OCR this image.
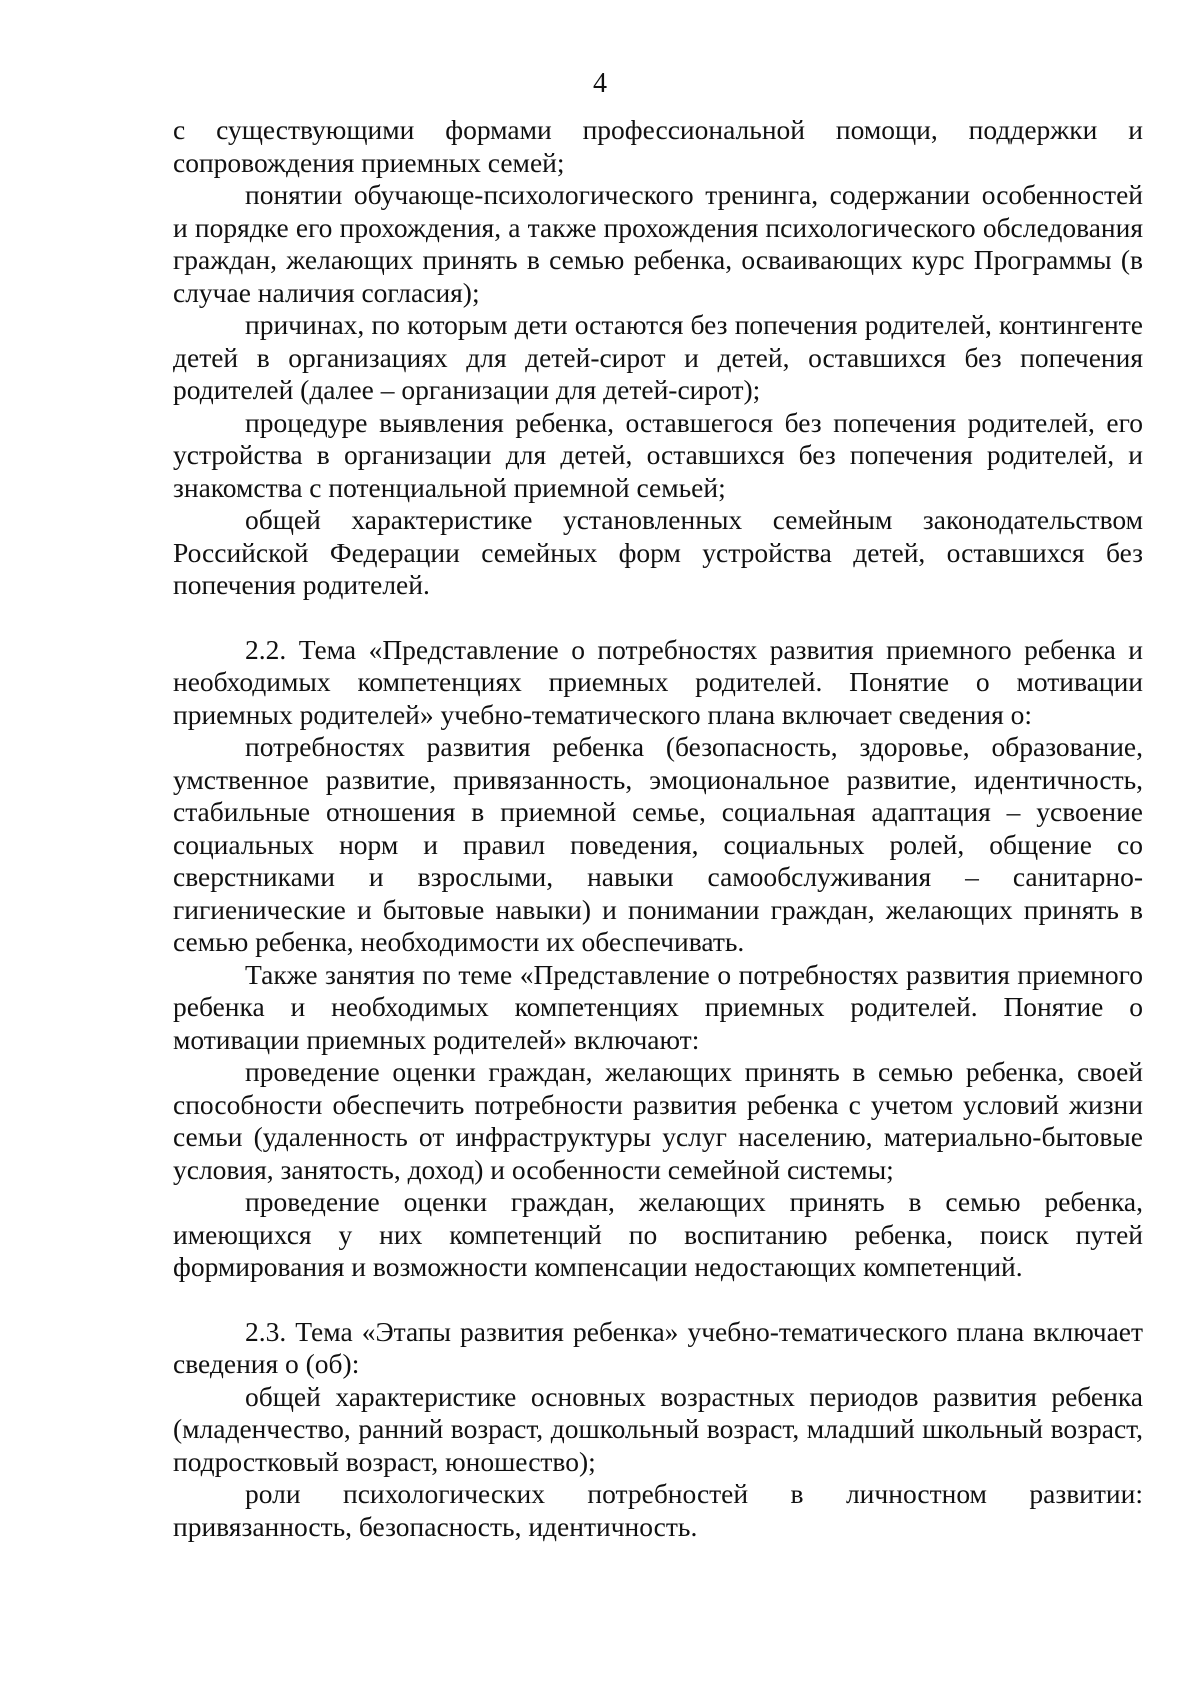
4

с существующими формами профессиональной помощи, поддержки и сопровождения приемных семей;

понятии обучающе-психологического тренинга, содержании особенностей и порядке его прохождения, а также прохождения психологического обследования граждан, желающих принять в семью ребенка, осваивающих курс Программы (в случае наличия согласия);

причинах, по которым дети остаются без попечения родителей, контингенте детей в организациях для детей-сирот и детей, оставшихся без попечения родителей (далее – организации для детей-сирот);

процедуре выявления ребенка, оставшегося без попечения родителей, его устройства в организации для детей, оставшихся без попечения родителей, и знакомства с потенциальной приемной семьей;

общей характеристике установленных семейным законодательством Российской Федерации семейных форм устройства детей, оставшихся без попечения родителей.

2.2. Тема «Представление о потребностях развития приемного ребенка и необходимых компетенциях приемных родителей. Понятие о мотивации приемных родителей» учебно-тематического плана включает сведения о:

потребностях развития ребенка (безопасность, здоровье, образование, умственное развитие, привязанность, эмоциональное развитие, идентичность, стабильные отношения в приемной семье, социальная адаптация – усвоение социальных норм и правил поведения, социальных ролей, общение со сверстниками и взрослыми, навыки самообслуживания – санитарно-гигиенические и бытовые навыки) и понимании граждан, желающих принять в семью ребенка, необходимости их обеспечивать.

Также занятия по теме «Представление о потребностях развития приемного ребенка и необходимых компетенциях приемных родителей. Понятие о мотивации приемных родителей» включают:

проведение оценки граждан, желающих принять в семью ребенка, своей способности обеспечить потребности развития ребенка с учетом условий жизни семьи (удаленность от инфраструктуры услуг населению, материально-бытовые условия, занятость, доход) и особенности семейной системы;

проведение оценки граждан, желающих принять в семью ребенка, имеющихся у них компетенций по воспитанию ребенка, поиск путей формирования и возможности компенсации недостающих компетенций.

2.3. Тема «Этапы развития ребенка» учебно-тематического плана включает сведения о (об):

общей характеристике основных возрастных периодов развития ребенка (младенчество, ранний возраст, дошкольный возраст, младший школьный возраст, подростковый возраст, юношество);

роли психологических потребностей в личностном развитии: привязанность, безопасность, идентичность.
